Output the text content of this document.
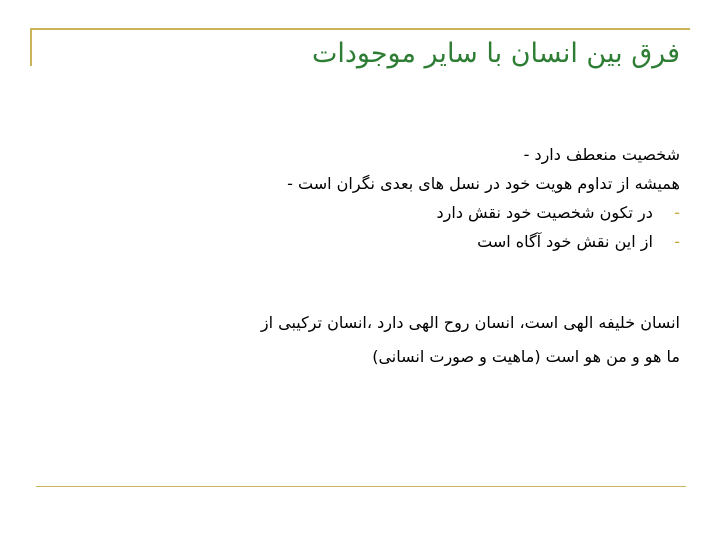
فرق بین انسان با سایر موجودات
شخصیت منعطف دارد -
همیشه از تداوم هویت خود در نسل های بعدی نگران است -
- در تکون شخصیت خود نقش دارد
- از این نقش خود آگاه است
انسان خلیفه الهی است، انسان روح الهی دارد ،انسان ترکیبی از
ما هو و من هو است (ماهیت و صورت انسانی)
